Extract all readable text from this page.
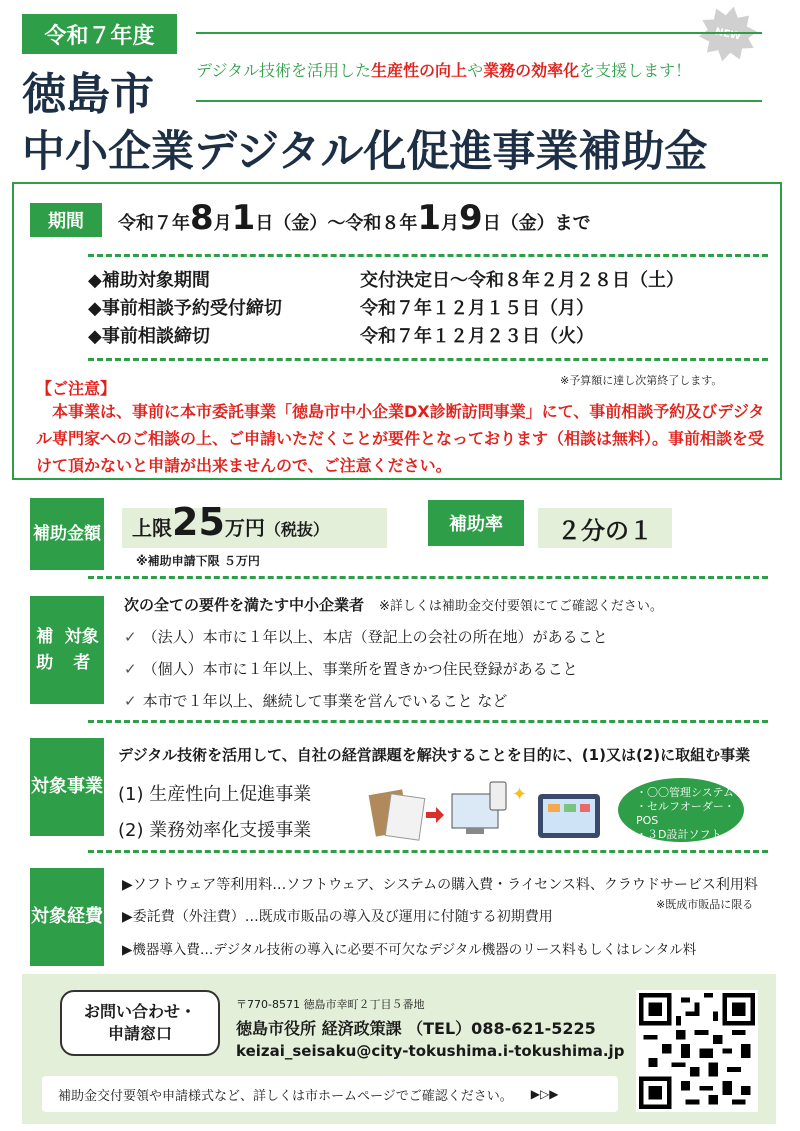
令和７年度
デジタル技術を活用した生産性の向上や業務の効率化を支援します！
徳島市
中小企業デジタル化促進事業補助金
期間	令和７年8月1日（金）～令和８年1月9日（金）まで
◆補助対象期間	交付決定日～令和８年２月２８日（土）
◆事前相談予約受付締切	令和７年１２月１５日（月）
◆事前相談締切	令和７年１２月２３日（火）
※予算額に達し次第終了します。
【ご注意】
本事業は、事前に本市委託事業「徳島市中小企業DX診断訪問事業」にて、事前相談予約及びデジタル専門家へのご相談の上、ご申請いただくことが要件となっております（相談は無料）。事前相談を受けて頂かないと申請が出来ませんので、ご注意ください。
補助 金額 上限25万円（税抜）
※補助申請下限 ５万円
補助率	２分の１
補助

対象者
次の全ての要件を満たす中小企業者　 ※詳しくは補助金交付要領にてご確認ください。
✓ （法人）本市に１年以上、本店（登記上の会社の所在地）があること
✓ （個人）本市に１年以上、事業所を置きかつ住民登録があること
✓ 本市で１年以上、継続して事業を営んでいること など
対象 事業
デジタル技術を活用して、自社の経営課題を解決することを目的に、(1)又は(2)に取組む事業
(1) 生産性向上促進事業
(2) 業務効率化支援事業
✦	・〇〇管理システム
・セルフオーダー・POS
・３D設計ソフト
etc…
対象 経費
▶ソフトウェア等利用料…ソフトウェア、システムの購入費・ライセンス料、クラウドサービス利用料
※既成市販品に限る
▶委託費（外注費）…既成市販品の導入及び運用に付随する初期費用
▶機器導入費…デジタル技術の導入に必要不可欠なデジタル機器のリース料もしくはレンタル料
お問い合わせ・
申請窓口
〒770-8571 徳島市幸町２丁目５番地
徳島市役所 経済政策課 （TEL）088-621-5225
keizai_seisaku@city-tokushima.i-tokushima.jp
補助金交付要領や申請様式など、詳しくは市ホームページでご確認ください。 ▶▷▶
